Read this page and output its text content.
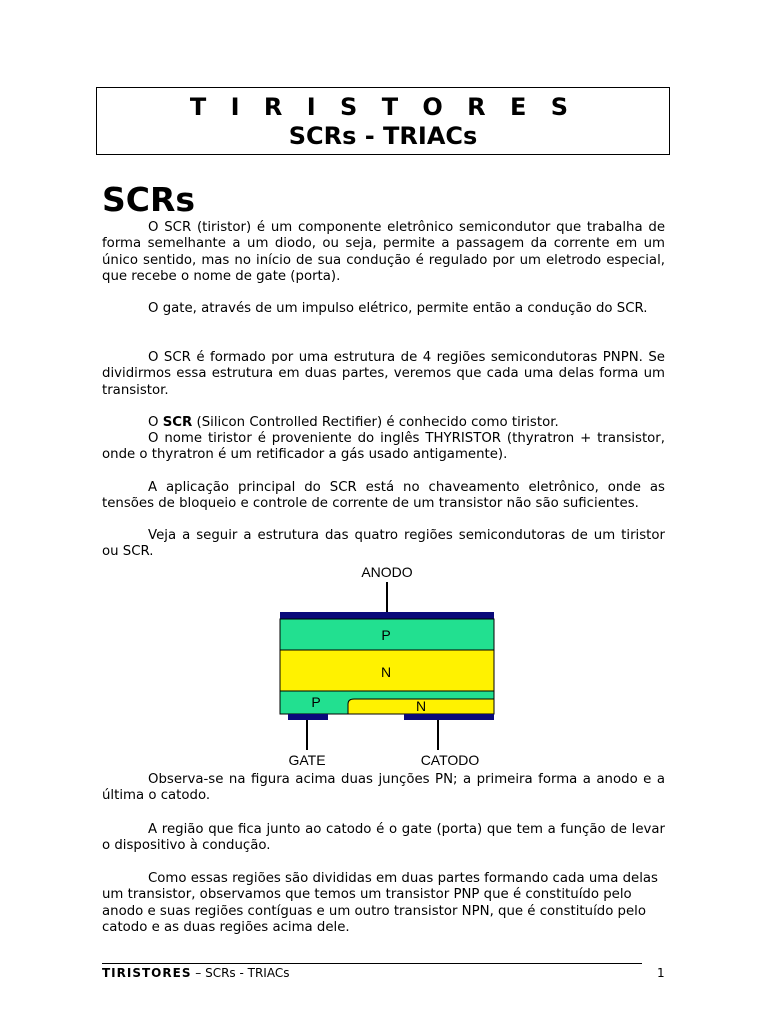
T I R I S T O R E S
SCRs - TRIACs
SCRs

O SCR (tiristor) é um componente eletrônico semicondutor que trabalha de forma semelhante a um diodo, ou seja, permite a passagem da corrente em um único sentido, mas no início de sua condução é regulado por um eletrodo especial, que recebe o nome de gate (porta).

O gate, através de um impulso elétrico, permite então a condução do SCR.

O SCR é formado por uma estrutura de 4 regiões semicondutoras PNPN. Se dividirmos essa estrutura em duas partes, veremos que cada uma delas forma um transistor.

O SCR (Silicon Controlled Rectifier) é conhecido como tiristor.

O nome tiristor é proveniente do inglês THYRISTOR (thyratron + transistor, onde o thyratron é um retificador a gás usado antigamente).

A aplicação principal do SCR está no chaveamento eletrônico, onde as tensões de bloqueio e controle de corrente de um transistor não são suficientes.

Veja a seguir a estrutura das quatro regiões semicondutoras de um tiristor ou SCR.

ANODO
P
N
P	N
GATE	CATODO

Observa-se na figura acima duas junções PN; a primeira forma a anodo e a última o catodo.

A região que fica junto ao catodo é o gate (porta) que tem a função de levar o dispositivo à condução.

Como essas regiões são divididas em duas partes formando cada uma delas um transistor, observamos que temos um transistor PNP que é constituído pelo anodo e suas regiões contíguas e um outro transistor NPN, que é constituído pelo catodo e as duas regiões acima dele.

TIRISTORES – SCRs - TRIACs	1
